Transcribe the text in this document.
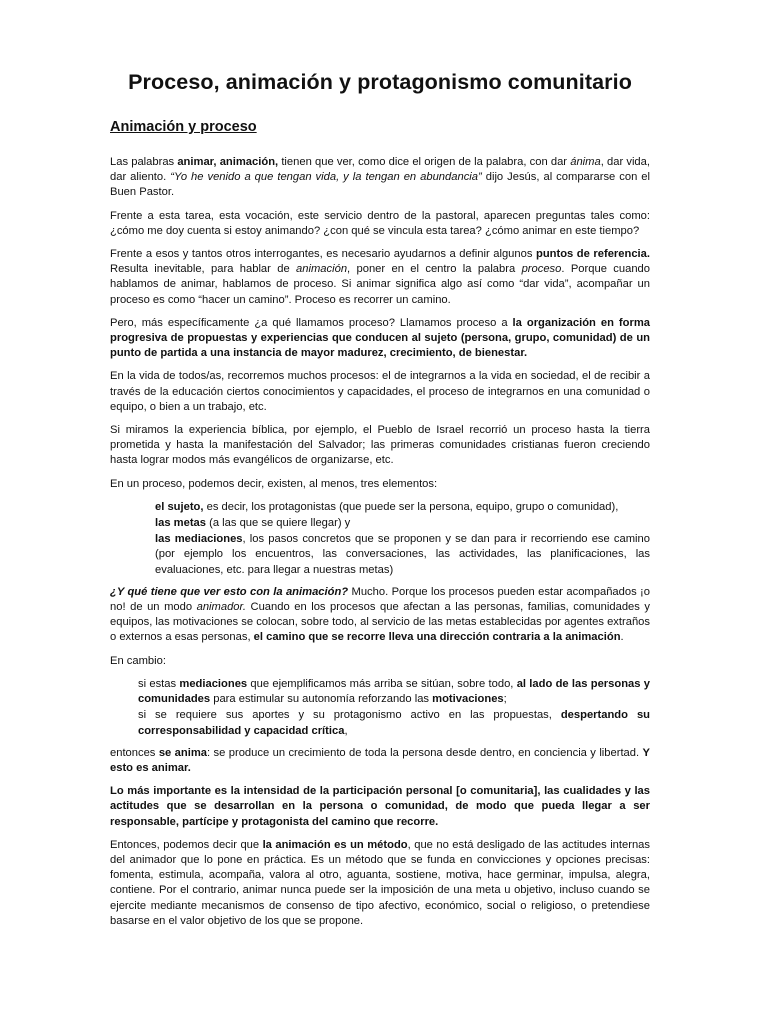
Proceso, animación y protagonismo comunitario
Animación y proceso

Las palabras animar, animación, tienen que ver, como dice el origen de la palabra, con dar ánima, dar vida, dar aliento. “Yo he venido a que tengan vida, y la tengan en abundancia” dijo Jesús, al compararse con el Buen Pastor.

Frente a esta tarea, esta vocación, este servicio dentro de la pastoral, aparecen preguntas tales como: ¿cómo me doy cuenta si estoy animando? ¿con qué se vincula esta tarea? ¿cómo animar en este tiempo?

Frente a esos y tantos otros interrogantes, es necesario ayudarnos a definir algunos puntos de referencia. Resulta inevitable, para hablar de animación, poner en el centro la palabra proceso. Porque cuando hablamos de animar, hablamos de proceso. Si animar significa algo así como “dar vida”, acompañar un proceso es como “hacer un camino”. Proceso es recorrer un camino.

Pero, más específicamente ¿a qué llamamos proceso? Llamamos proceso a la organización en forma progresiva de propuestas y experiencias que conducen al sujeto (persona, grupo, comunidad) de un punto de partida a una instancia de mayor madurez, crecimiento, de bienestar.

En la vida de todos/as, recorremos muchos procesos: el de integrarnos a la vida en sociedad, el de recibir a través de la educación ciertos conocimientos y capacidades, el proceso de integrarnos en una comunidad o equipo, o bien a un trabajo, etc.

Si miramos la experiencia bíblica, por ejemplo, el Pueblo de Israel recorrió un proceso hasta la tierra prometida y hasta la manifestación del Salvador; las primeras comunidades cristianas fueron creciendo hasta lograr modos más evangélicos de organizarse, etc.

En un proceso, podemos decir, existen, al menos, tres elementos:

el sujeto, es decir, los protagonistas (que puede ser la persona, equipo, grupo o comunidad),

las metas (a las que se quiere llegar) y

las mediaciones, los pasos concretos que se proponen y se dan para ir recorriendo ese camino (por ejemplo los encuentros, las conversaciones, las actividades, las planificaciones, las evaluaciones, etc. para llegar a nuestras metas)

¿Y qué tiene que ver esto con la animación? Mucho. Porque los procesos pueden estar acompañados ¡o no! de un modo animador. Cuando en los procesos que afectan a las personas, familias, comunidades y equipos, las motivaciones se colocan, sobre todo, al servicio de las metas establecidas por agentes extraños o externos a esas personas, el camino que se recorre lleva una dirección contraria a la animación.

En cambio:

si estas mediaciones que ejemplificamos más arriba se sitúan, sobre todo, al lado de las personas y comunidades para estimular su autonomía reforzando las motivaciones;

si se requiere sus aportes y su protagonismo activo en las propuestas, despertando su corresponsabilidad y capacidad crítica,

entonces se anima: se produce un crecimiento de toda la persona desde dentro, en conciencia y libertad. Y esto es animar.

Lo más importante es la intensidad de la participación personal [o comunitaria], las cualidades y las actitudes que se desarrollan en la persona o comunidad, de modo que pueda llegar a ser responsable, partícipe y protagonista del camino que recorre.

Entonces, podemos decir que la animación es un método, que no está desligado de las actitudes internas del animador que lo pone en práctica. Es un método que se funda en convicciones y opciones precisas: fomenta, estimula, acompaña, valora al otro, aguanta, sostiene, motiva, hace germinar, impulsa, alegra, contiene. Por el contrario, animar nunca puede ser la imposición de una meta u objetivo, incluso cuando se ejercite mediante mecanismos de consenso de tipo afectivo, económico, social o religioso, o pretendiese basarse en el valor objetivo de los que se propone.
